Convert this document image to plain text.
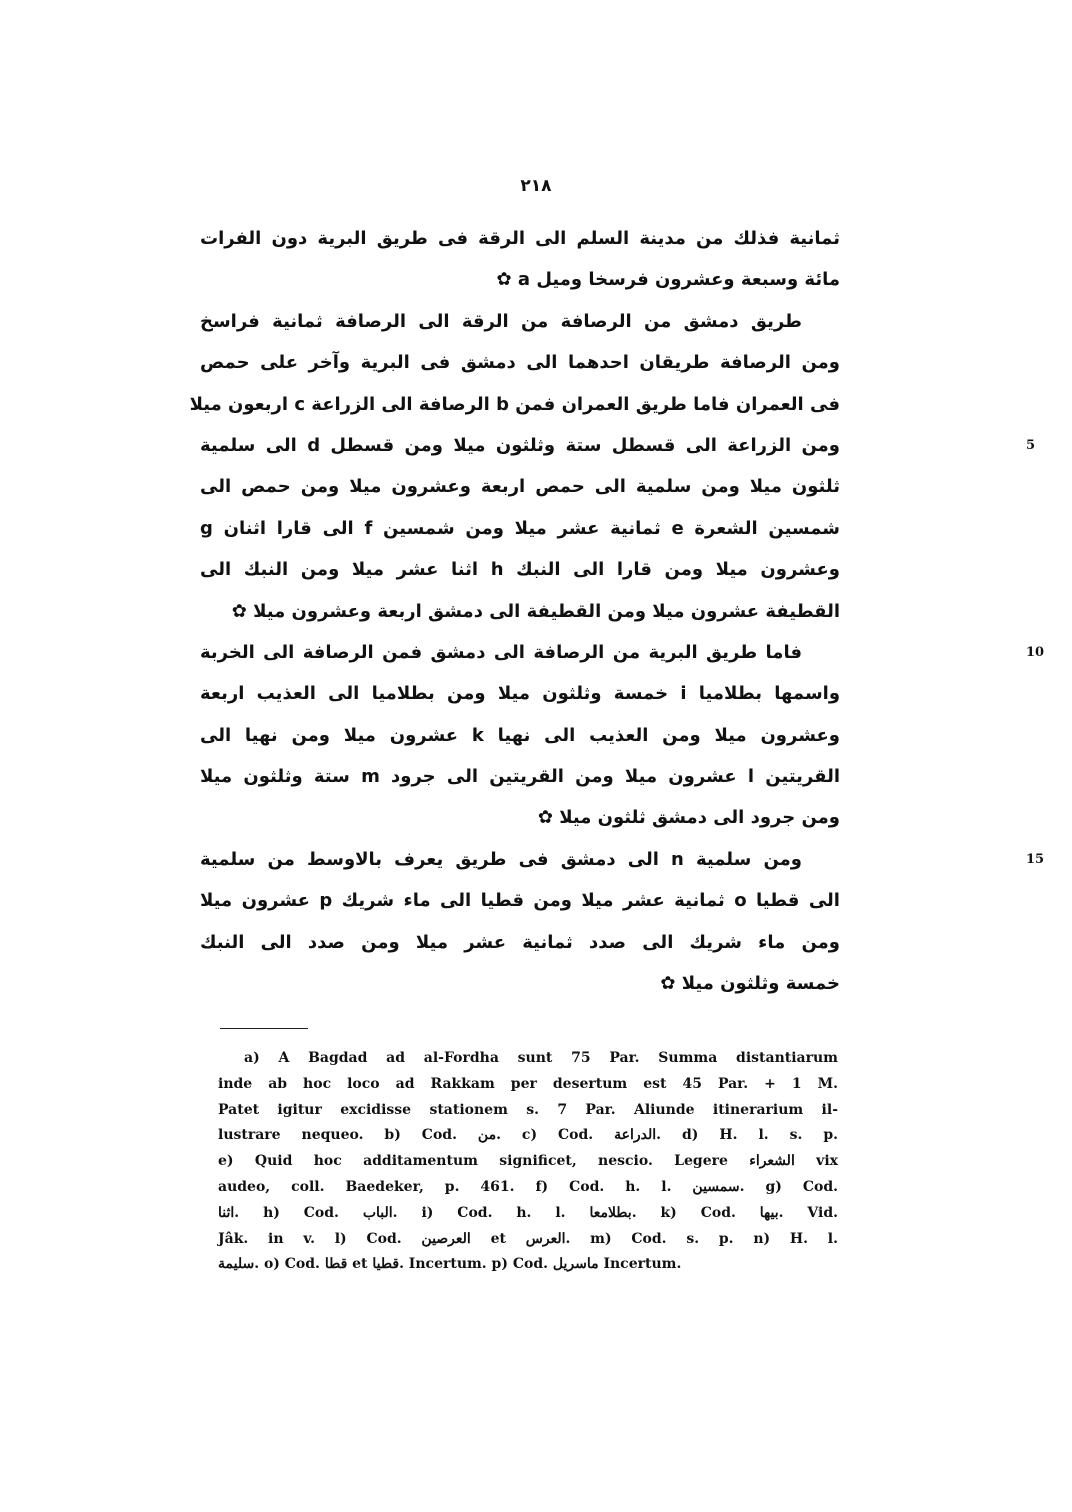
٢١٨
ثمانية فذلك من مدينة السلم الى الرقة فى طريق البرية دون الفرات
مائة وسبعة وعشرون فرسخا وميل a ✿
طريق دمشق من الرصافة من الرقة الى الرصافة ثمانية فراسخ
ومن الرصافة طريقان احدهما الى دمشق فى البرية وآخر على حمص
فى العمران فاما طريق العمران فمن b الرصافة الى الزراعة c اربعون ميلا
5
ومن الزراعة الى قسطل ستة وثلثون ميلا ومن قسطل d الى سلمية
ثلثون ميلا ومن سلمية الى حمص اربعة وعشرون ميلا ومن حمص الى
شمسين الشعرة e ثمانية عشر ميلا ومن شمسين f الى قارا اثنان g
وعشرون ميلا ومن قارا الى النبك h اثنا عشر ميلا ومن النبك الى
القطيفة عشرون ميلا ومن القطيفة الى دمشق اربعة وعشرون ميلا ✿
10
فاما طريق البرية من الرصافة الى دمشق فمن الرصافة الى الخربة
واسمها بطلاميا i خمسة وثلثون ميلا ومن بطلاميا الى العذيب اربعة
وعشرون ميلا ومن العذيب الى نهيا k عشرون ميلا ومن نهيا الى
القريتين l عشرون ميلا ومن القريتين الى جرود m ستة وثلثون ميلا
ومن جرود الى دمشق ثلثون ميلا ✿
15
ومن سلمية n الى دمشق فى طريق يعرف بالاوسط من سلمية
الى قطيا o ثمانية عشر ميلا ومن قطيا الى ماء شريك p عشرون ميلا
ومن ماء شريك الى صدد ثمانية عشر ميلا ومن صدد الى النبك
خمسة وثلثون ميلا ✿
a) A Bagdad ad al-Fordha sunt 75 Par. Summa distantiarum
inde ab hoc loco ad Rakkam per desertum est 45 Par. + 1 M.
Patet igitur excidisse stationem s. 7 Par. Aliunde itinerarium il-
lustrare nequeo. b) Cod. من. c) Cod. الدراعة. d) H. l. s. p.
e) Quid hoc additamentum significet, nescio. Legere الشعراء vix
audeo, coll. Baedeker, p. 461. f) Cod. h. l. سمسين. g) Cod.
اثنا. h) Cod. الباب. i) Cod. h. l. بطلامعا. k) Cod. بيها. Vid.
Jâk. in v. l) Cod. العرصين et العرس. m) Cod. s. p. n) H. l.
سليمة. o) Cod. قطا et قطيا. Incertum. p) Cod. ماسريل Incertum.
